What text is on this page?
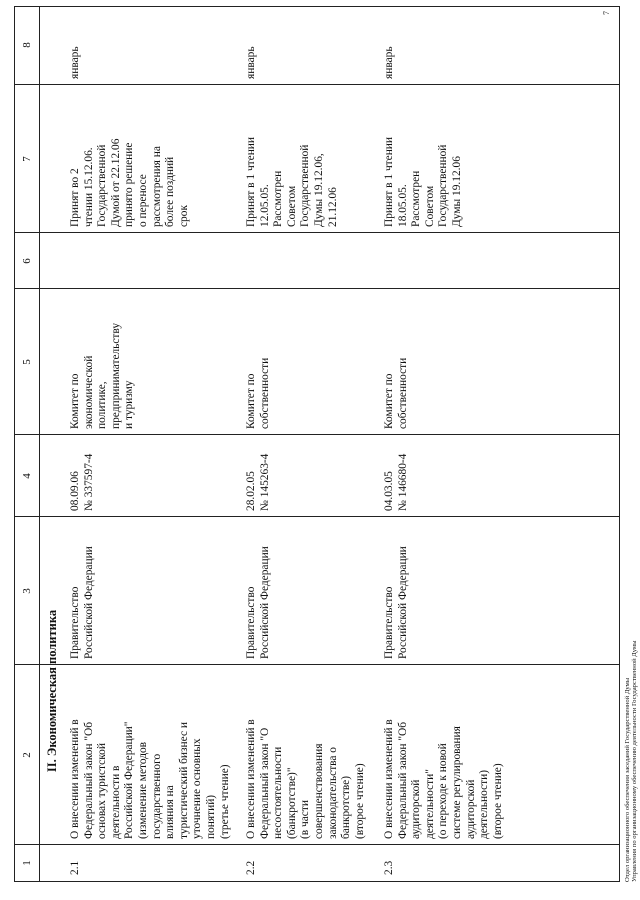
1
2
3
4
5
6
7
8
II. Экономическая политика
2.1
О внесении изменений в
Федеральный закон "Об
основах туристской
деятельности в
Российской Федерации"
(изменение методов
государственного
влияния на
туристический бизнес и
уточнение основных
понятий)
(третье чтение)
Правительство
Российской Федерации
08.09.06
№ 337597-4
Комитет по
экономической
политике,
предпринимательству
и туризму
Принят во 2
чтении 15.12.06.
Государственной
Думой от 22.12.06
принято решение
о переносе
рассмотрения на
более поздний
срок
январь
2.2
О внесении изменений в
Федеральный закон "О
несостоятельности
(банкротстве)"
(в части
совершенствования
законодательства о
банкротстве)
(второе чтение)
Правительство
Российской Федерации
28.02.05
№ 145263-4
Комитет по
собственности
Принят в 1 чтении
12.05.05.
Рассмотрен
Советом
Государственной
Думы 19.12.06,
21.12.06
январь
2.3
О внесении изменений в
Федеральный закон "Об
аудиторской
деятельности"
(о переходе к новой
системе регулирования
аудиторской
деятельности)
(второе чтение)
Правительство
Российской Федерации
04.03.05
№ 146680-4
Комитет по
собственности
Принят в 1 чтении
18.05.05.
Рассмотрен
Советом
Государственной
Думы 19.12.06
январь
Отдел организационного обеспечения заседаний Государственной Думы Управления по организационному обеспечению деятельности Государственной Думы
7
